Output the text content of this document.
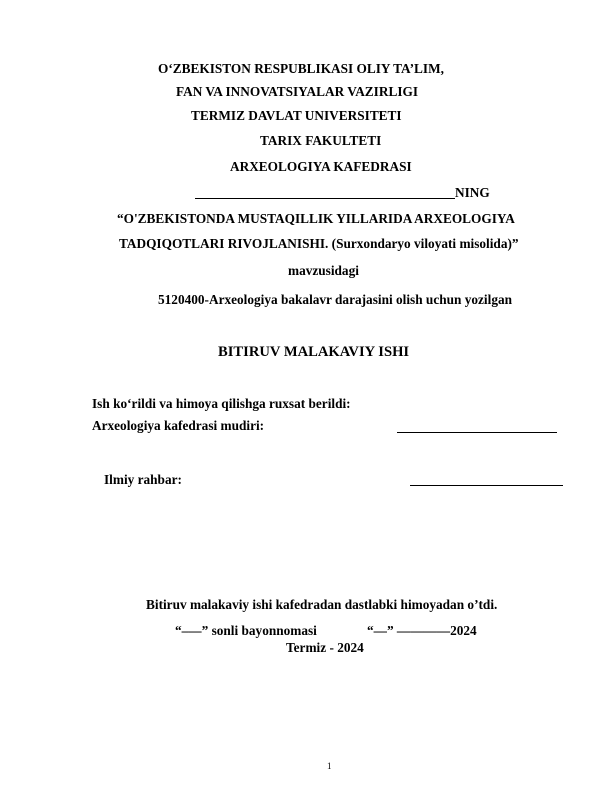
O‘ZBEKISTON RESPUBLIKASI OLIY TA’LIM,
FAN VA INNOVATSIYALAR VAZIRLIGI
TERMIZ DAVLAT UNIVERSITETI
TARIX FAKULTETI
ARXEOLOGIYA KAFEDRASI
NING
“O'ZBEKISTONDA MUSTAQILLIK YILLARIDA ARXEOLOGIYA
TADQIQOTLARI RIVOJLANISHI. (Surxondaryo viloyati misolida)”
mavzusidagi
5120400-Arxeologiya bakalavr darajasini olish uchun yozilgan
BITIRUV MALAKAVIY ISHI
Ish ko‘rildi va himoya qilishga ruxsat berildi:
Arxeologiya kafedrasi mudiri:
Ilmiy rahbar:
Bitiruv malakaviy ishi kafedradan dastlabki himoyadan o’tdi.
“–—” sonli bayonnomasi	“—” ————2024
Termiz - 2024
1
